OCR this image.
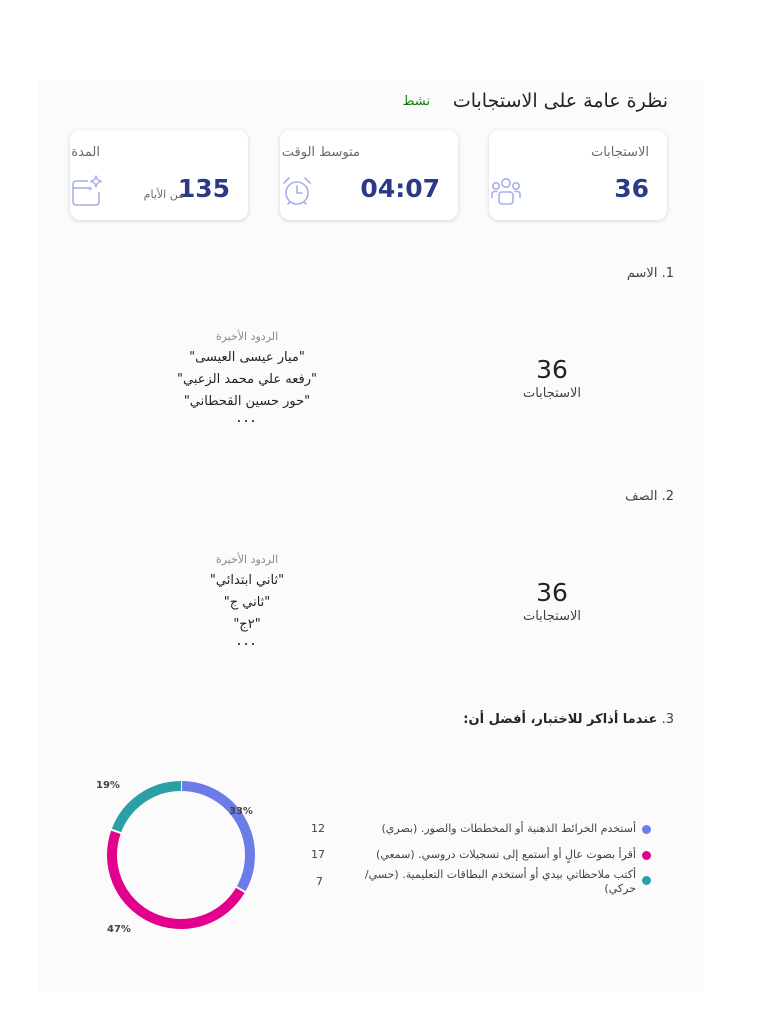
نظرة عامة على الاستجابات
نشط
الاستجابات
36
متوسط الوقت
04:07
المدة
135
من الأيام
1. الاسم
36
الاستجابات
الردود الأخيرة
"ميار عيسى العيسى"
"رفعه علي محمد الزعبي"
"حور حسين القحطاني"
...
2. الصف
36
الاستجابات
الردود الأخيرة
"ثاني ابتدائي"
"ثاني ج"
"٢ج"
...
3. عندما أذاكر للاختبار، أفضل أن:
19%
33%
47%
أستخدم الخرائط الذهنية أو المخططات والصور. (بصري)
12
أقرأ بصوت عالٍ أو أستمع إلى تسجيلات دروسي. (سمعي)
17
أكتب ملاحظاتي بيدي أو أستخدم البطاقات التعليمية. (حسي/حركي)
7
